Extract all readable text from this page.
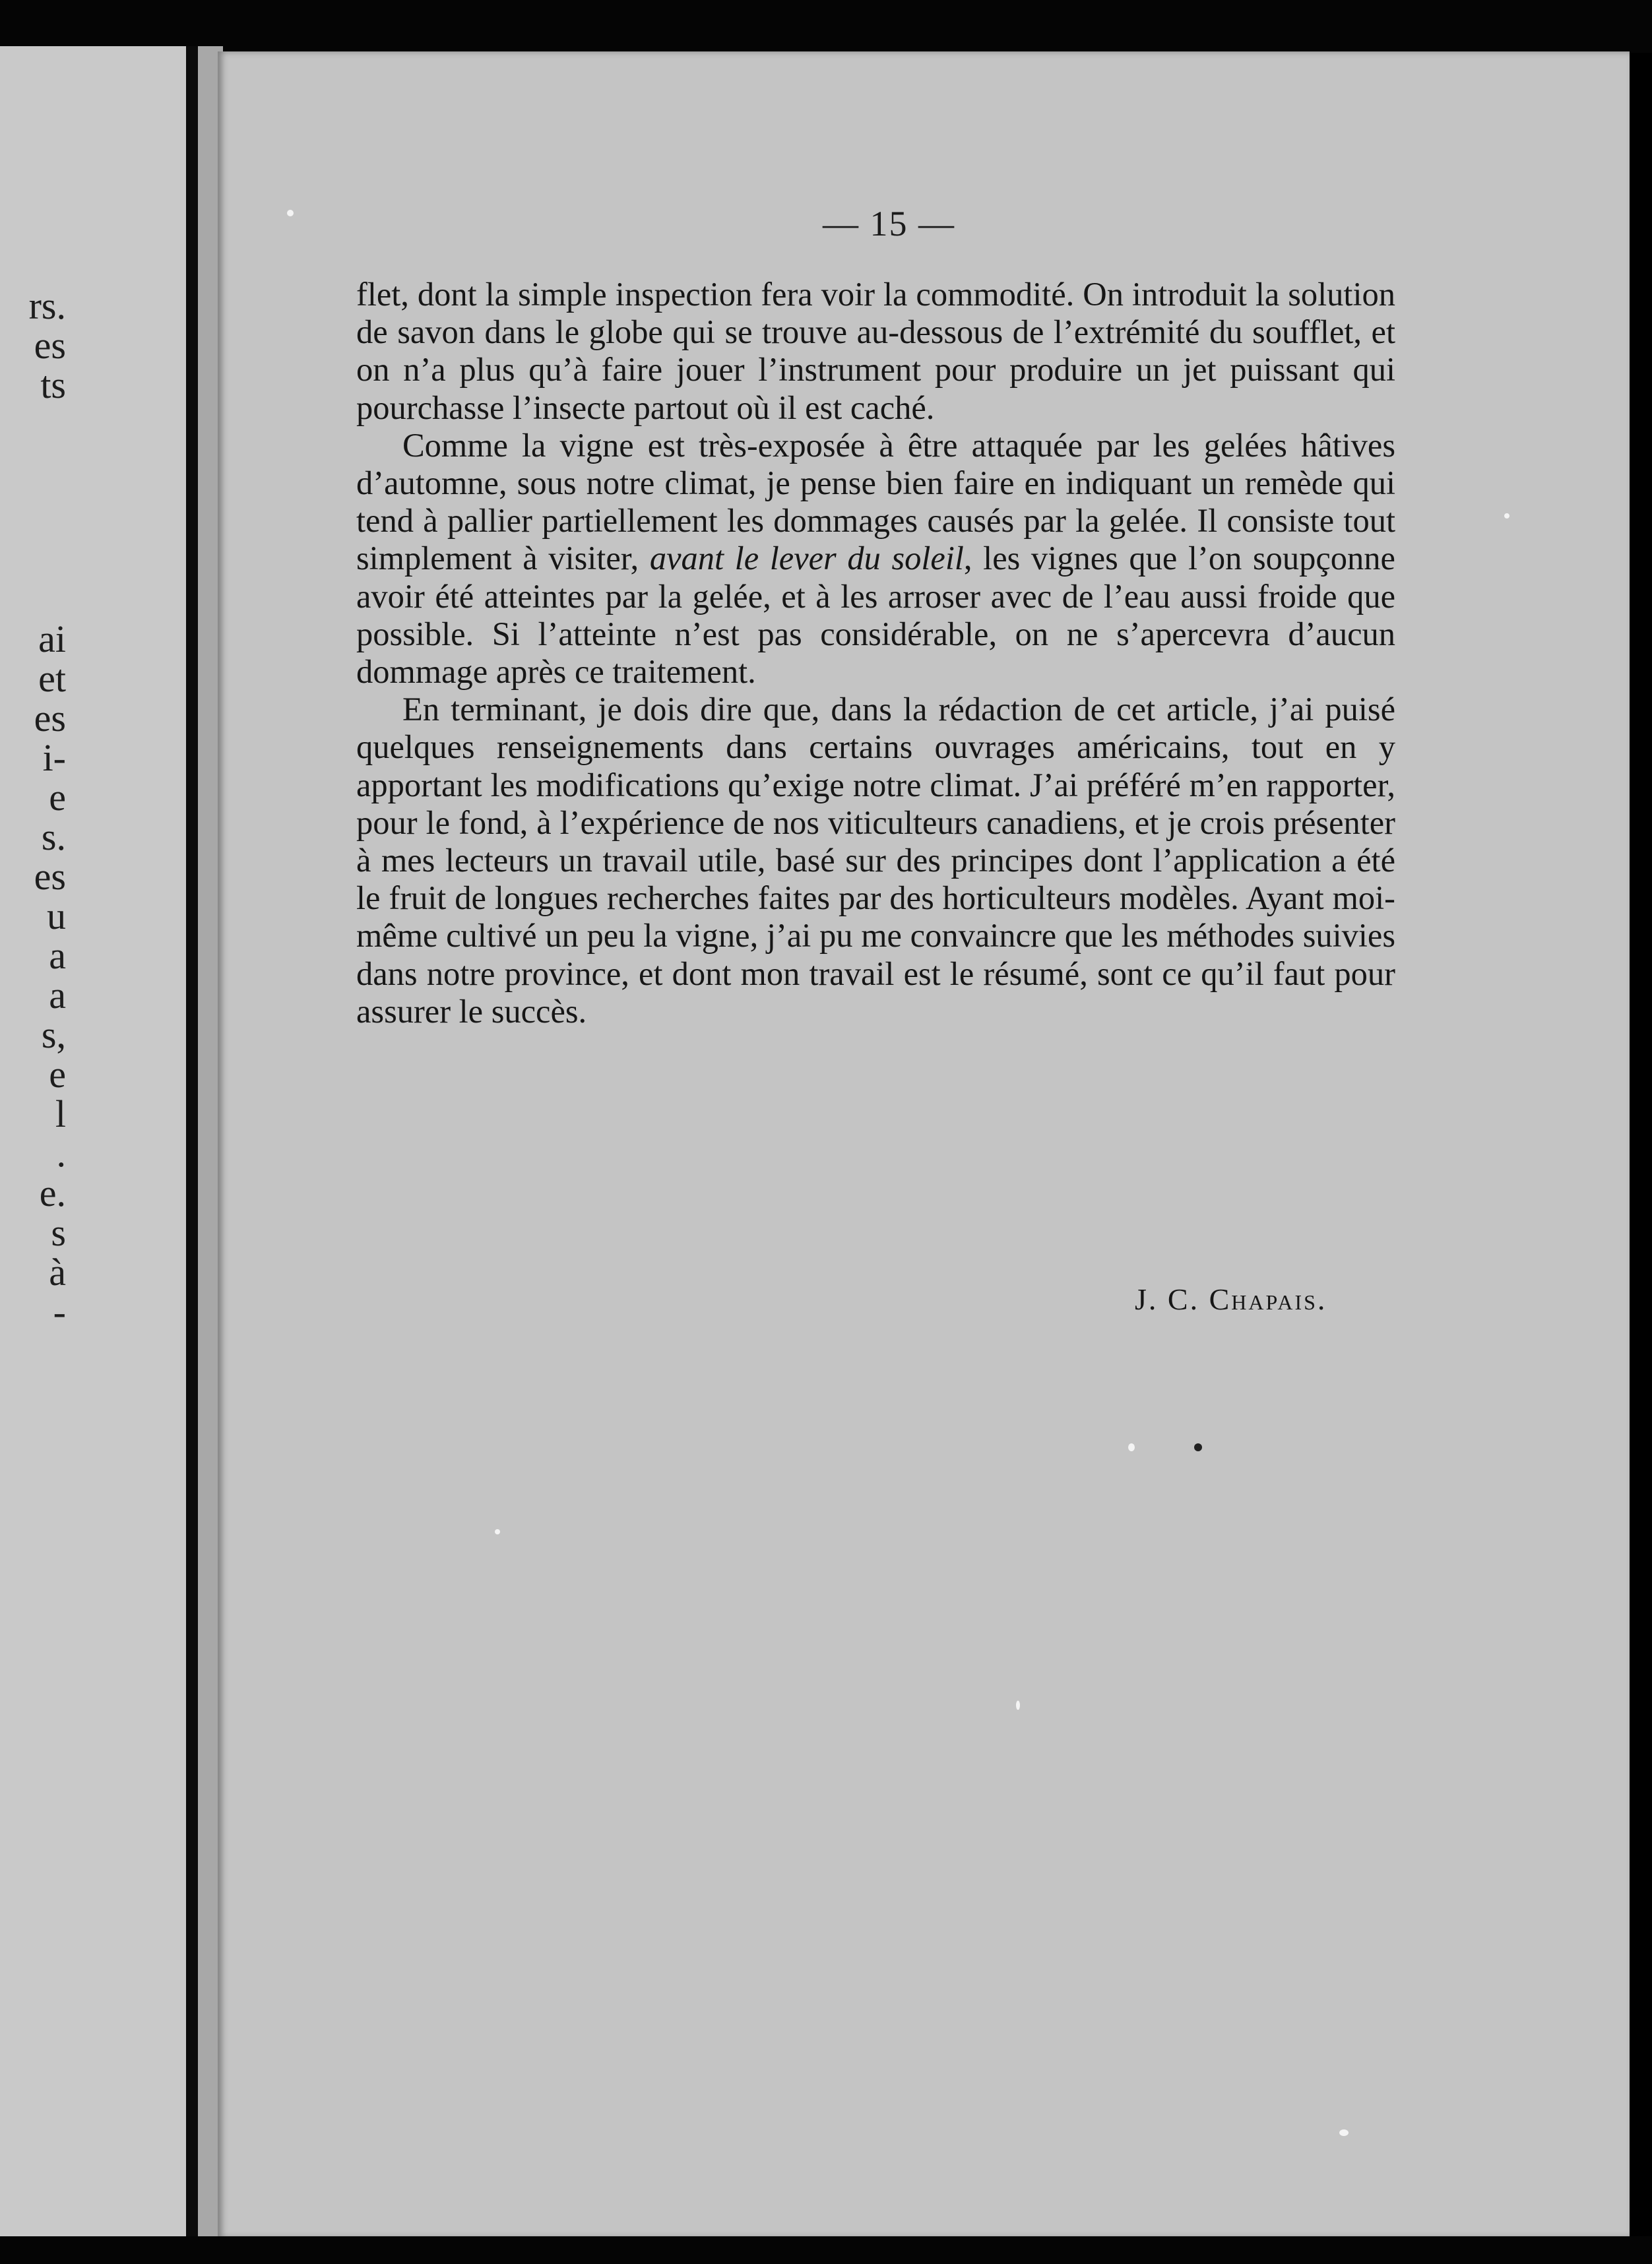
rs.
es
ts
ai
et
es
i-
e
s.
es
u
a
a
s,
e
l
.
e.
s
à
-
— 15 —

flet, dont la simple inspection fera voir la commodité. On introduit la solution de savon dans le globe qui se trouve au-dessous de l’extrémité du soufflet, et on n’a plus qu’à faire jouer l’instrument pour produire un jet puissant qui pourchasse l’insecte partout où il est caché.

Comme la vigne est très-exposée à être attaquée par les gelées hâtives d’automne, sous notre climat, je pense bien faire en indiquant un remède qui tend à pallier partiellement les dommages causés par la gelée. Il consiste tout simplement à visiter, avant le lever du soleil, les vignes que l’on soupçonne avoir été atteintes par la gelée, et à les arroser avec de l’eau aussi froide que possible. Si l’atteinte n’est pas considérable, on ne s’apercevra d’aucun dommage après ce traitement.

En terminant, je dois dire que, dans la rédaction de cet article, j’ai puisé quelques renseignements dans certains ouvrages américains, tout en y apportant les modifications qu’exige notre climat. J’ai préféré m’en rapporter, pour le fond, à l’expérience de nos viticulteurs canadiens, et je crois présenter à mes lecteurs un travail utile, basé sur des principes dont l’application a été le fruit de longues recherches faites par des horticulteurs modèles. Ayant moi-même cultivé un peu la vigne, j’ai pu me convaincre que les méthodes suivies dans notre province, et dont mon travail est le résumé, sont ce qu’il faut pour assurer le succès.

J. C. Chapais.
